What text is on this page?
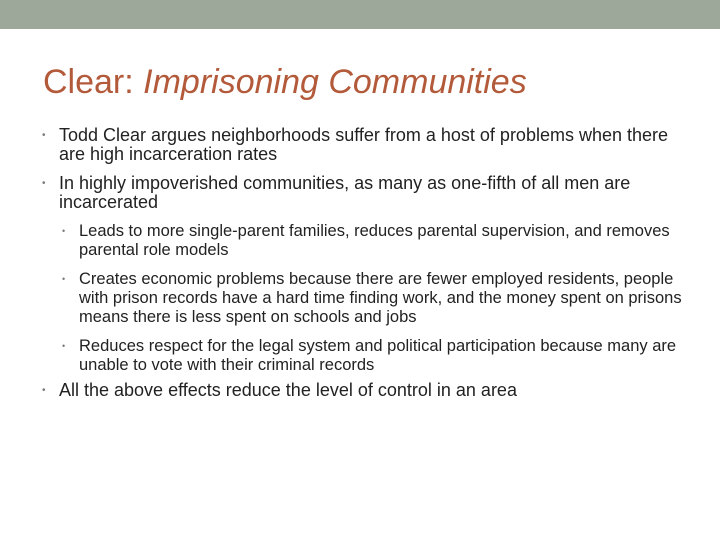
Clear: Imprisoning Communities
• Todd Clear argues neighborhoods suffer from a host of problems when there are high incarceration rates
• In highly impoverished communities, as many as one-fifth of all men are incarcerated
• Leads to more single-parent families, reduces parental supervision, and removes parental role models
• Creates economic problems because there are fewer employed residents, people with prison records have a hard time finding work, and the money spent on prisons means there is less spent on schools and jobs
• Reduces respect for the legal system and political participation because many are unable to vote with their criminal records
• All the above effects reduce the level of control in an area
